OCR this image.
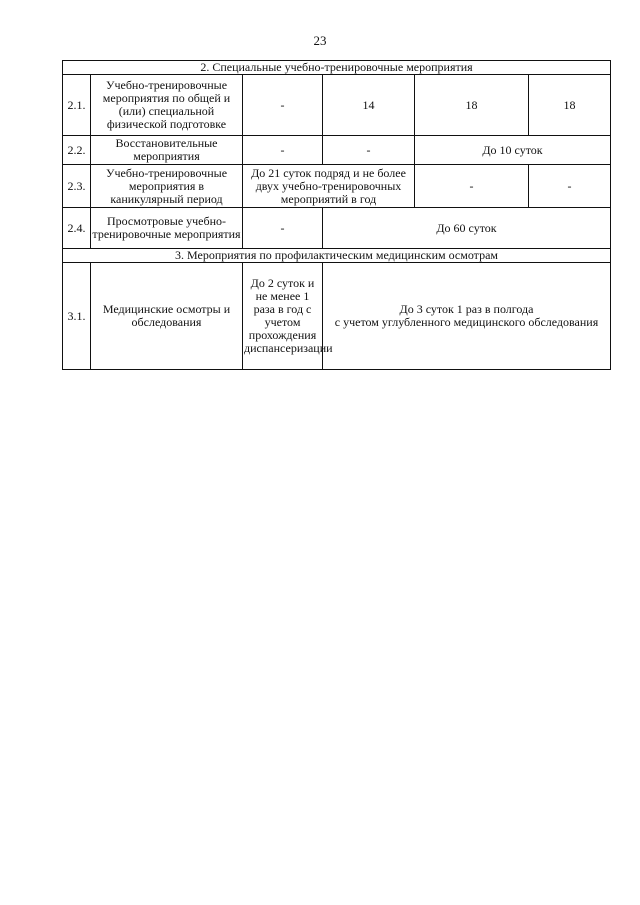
23
2. Специальные учебно-тренировочные мероприятия					
2.1.	Учебно-тренировочные мероприятия по общей и (или) специальной физической подготовке	-	14	18	18
2.2.	Восстановительные мероприятия	-	-	До 10 суток	
2.3.	Учебно-тренировочные мероприятия в каникулярный период	До 21 суток подряд и не более двух учебно-тренировочных мероприятий в год		-	-
2.4.	Просмотровые учебно-тренировочные мероприятия	-	До 60 суток		
3. Мероприятия по профилактическим медицинским осмотрам					
3.1.	Медицинские осмотры и обследования	До 2 суток и не менее 1 раза в год с учетом прохождения диспансеризации	До 3 суток 1 раз в полгода
с учетом углубленного медицинского обследования		
